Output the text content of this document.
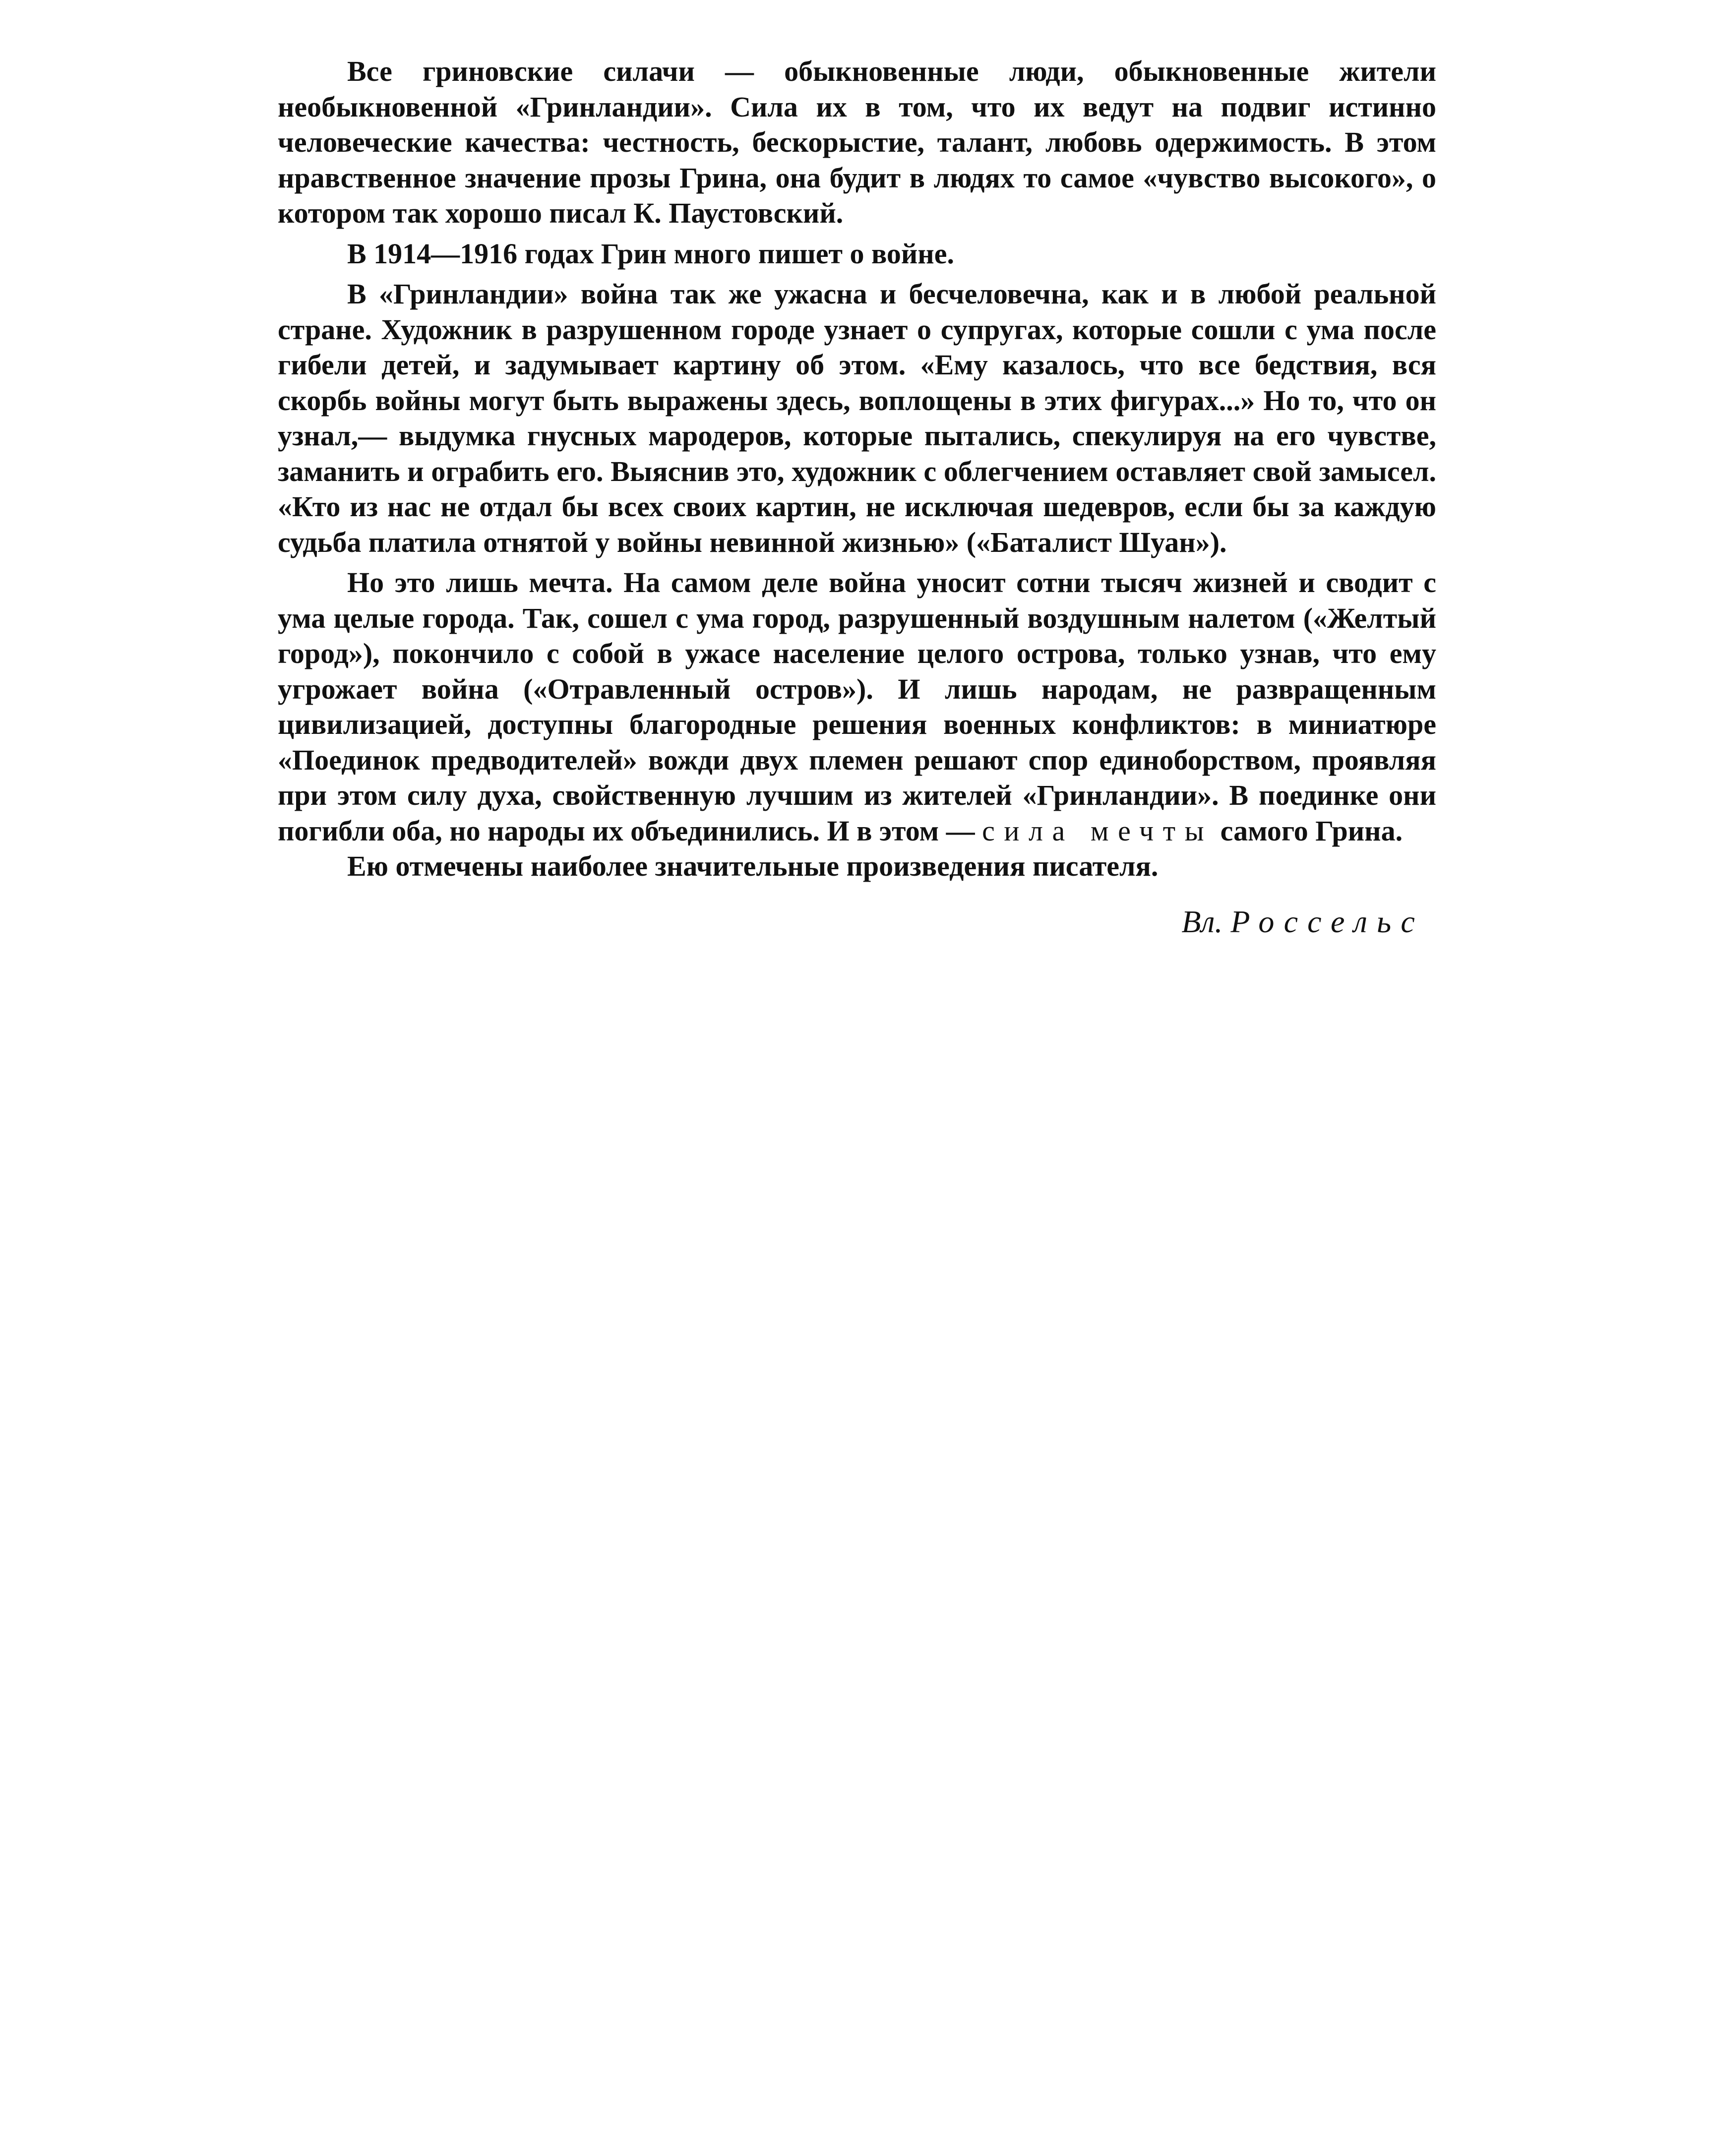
Все гриновские силачи — обыкновенные люди, обыкновенные жители необыкновенной «Гринландии». Сила их в том, что их ведут на подвиг истинно человеческие качества: честность, бескорыстие, талант, любовь одержимость. В этом нравственное значение прозы Грина, она будит в людях то самое «чувство высокого», о котором так хорошо писал К. Паустовский.

В 1914—1916 годах Грин много пишет о войне.

В «Гринландии» война так же ужасна и бесчеловечна, как и в любой реальной стране. Художник в разрушенном городе узнает о супругах, которые сошли с ума после гибели детей, и задумывает картину об этом. «Ему казалось, что все бедствия, вся скорбь войны могут быть выражены здесь, воплощены в этих фигурах...» Но то, что он узнал,— выдумка гнусных мародеров, которые пытались, спекулируя на его чувстве, заманить и ограбить его. Выяснив это, художник с облегчением оставляет свой замысел. «Кто из нас не отдал бы всех своих картин, не исключая шедевров, если бы за каждую судьба платила отнятой у войны невинной жизнью» («Баталист Шуан»).

Но это лишь мечта. На самом деле война уносит сотни тысяч жизней и сводит с ума целые города. Так, сошел с ума город, разрушенный воздушным налетом («Желтый город»), покончило с собой в ужасе население целого острова, только узнав, что ему угрожает война («Отравленный остров»). И лишь народам, не развращенным цивилизацией, доступны благородные решения военных конфликтов: в миниатюре «Поединок предводителей» вожди двух племен решают спор единоборством, проявляя при этом силу духа, свойственную лучшим из жителей «Гринландии». В поединке они погибли оба, но народы их объединились. И в этом — сила мечты самого Грина.

Ею отмечены наиболее значительные произведения писателя.

Вл. Россельс
